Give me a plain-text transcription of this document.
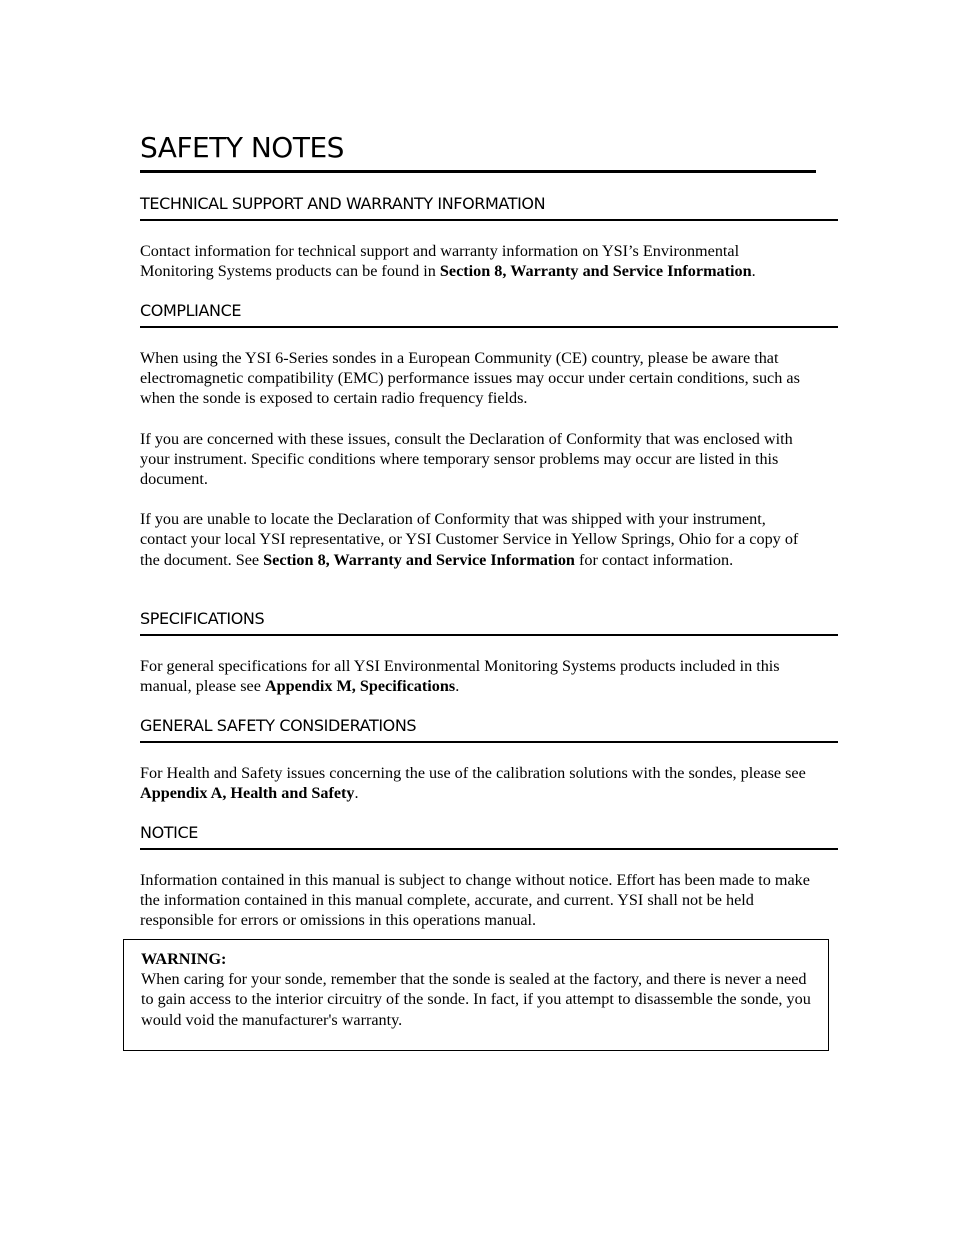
SAFETY NOTES
TECHNICAL SUPPORT AND WARRANTY INFORMATION

Contact information for technical support and warranty information on YSI’s Environmental Monitoring Systems products can be found in Section 8, Warranty and Service Information.

COMPLIANCE

When using the YSI 6-Series sondes in a European Community (CE) country, please be aware that electromagnetic compatibility (EMC) performance issues may occur under certain conditions, such as when the sonde is exposed to certain radio frequency fields.

If you are concerned with these issues, consult the Declaration of Conformity that was enclosed with your instrument. Specific conditions where temporary sensor problems may occur are listed in this document.

If you are unable to locate the Declaration of Conformity that was shipped with your instrument, contact your local YSI representative, or YSI Customer Service in Yellow Springs, Ohio for a copy of the document. See Section 8, Warranty and Service Information for contact information.

SPECIFICATIONS

For general specifications for all YSI Environmental Monitoring Systems products included in this manual, please see Appendix M, Specifications.

GENERAL SAFETY CONSIDERATIONS

For Health and Safety issues concerning the use of the calibration solutions with the sondes, please see Appendix A, Health and Safety.

NOTICE

Information contained in this manual is subject to change without notice. Effort has been made to make the information contained in this manual complete, accurate, and current. YSI shall not be held responsible for errors or omissions in this operations manual.

WARNING:

When caring for your sonde, remember that the sonde is sealed at the factory, and there is never a need to gain access to the interior circuitry of the sonde. In fact, if you attempt to disassemble the sonde, you would void the manufacturer's warranty.
